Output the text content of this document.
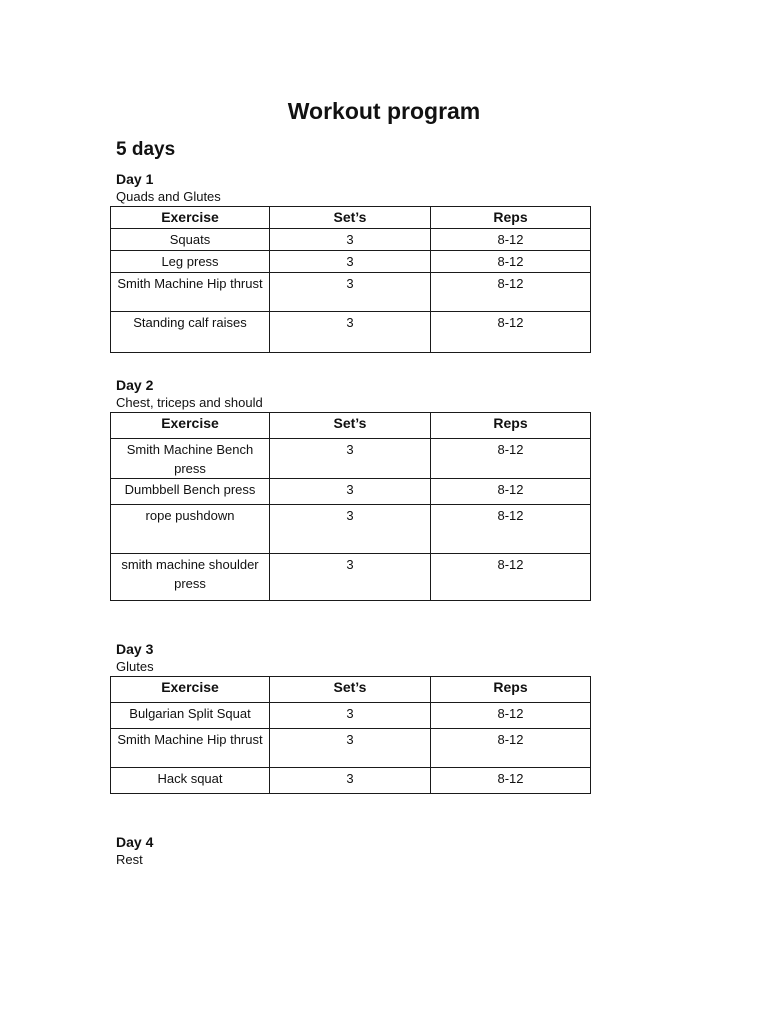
Workout program
5 days
Day 1
Quads and Glutes
Exercise	Set’s	Reps
Squats	3	8-12
Leg press	3	8-12
Smith Machine Hip thrust	3	8-12
Standing calf raises	3	8-12
Day 2
Chest, triceps and should
Exercise	Set’s	Reps
Smith Machine Bench press	3	8-12
Dumbbell Bench press	3	8-12
rope pushdown	3	8-12
smith machine shoulder press	3	8-12
Day 3
Glutes
Exercise	Set’s	Reps
Bulgarian Split Squat	3	8-12
Smith Machine Hip thrust	3	8-12
Hack squat	3	8-12
Day 4
Rest
